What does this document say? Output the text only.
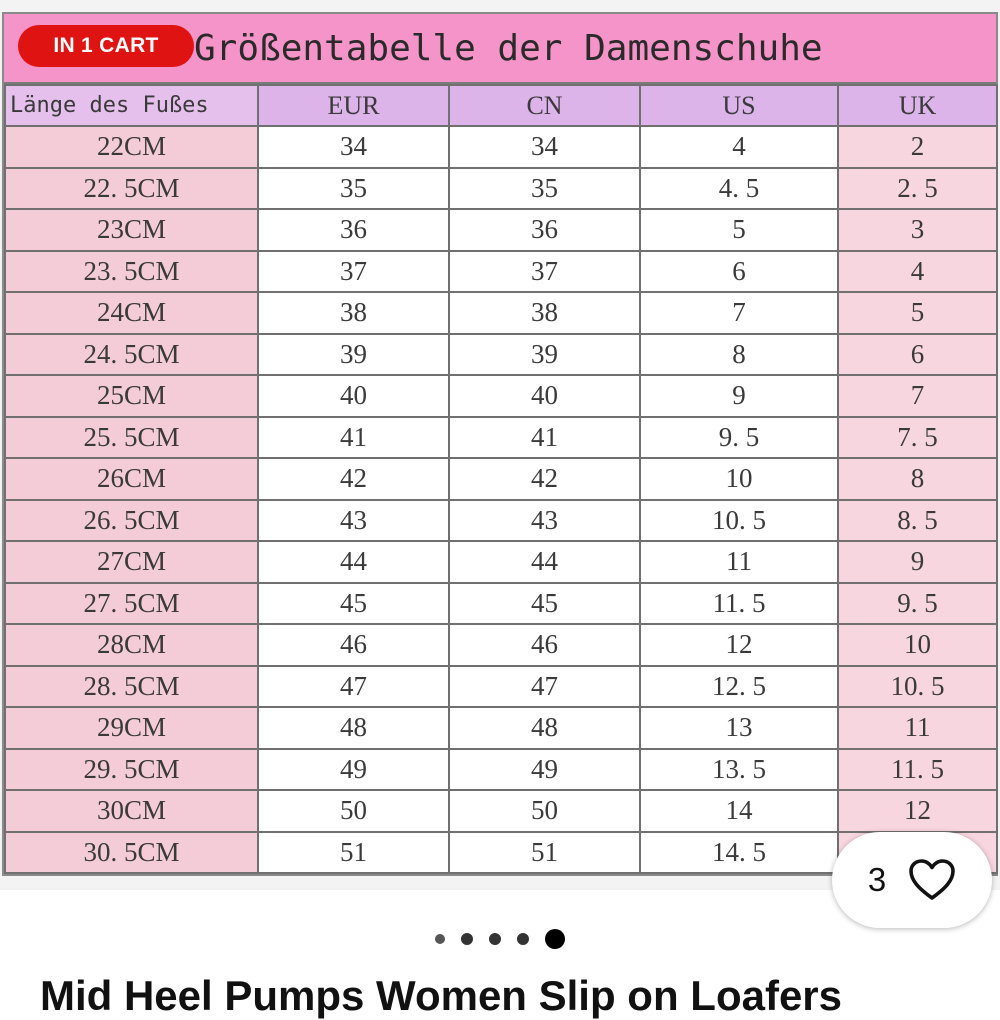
IN 1 CART Größentabelle der Damenschuhe
Länge des Fußes	EUR	CN	US	UK
22CM	34	34	4	2
22. 5CM	35	35	4. 5	2. 5
23CM	36	36	5	3
23. 5CM	37	37	6	4
24CM	38	38	7	5
24. 5CM	39	39	8	6
25CM	40	40	9	7
25. 5CM	41	41	9. 5	7. 5
26CM	42	42	10	8
26. 5CM	43	43	10. 5	8. 5
27CM	44	44	11	9
27. 5CM	45	45	11. 5	9. 5
28CM	46	46	12	10
28. 5CM	47	47	12. 5	10. 5
29CM	48	48	13	11
29. 5CM	49	49	13. 5	11. 5
30CM	50	50	14	12
30. 5CM	51	51	14. 5	
3
Mid Heel Pumps Women Slip on Loafers
